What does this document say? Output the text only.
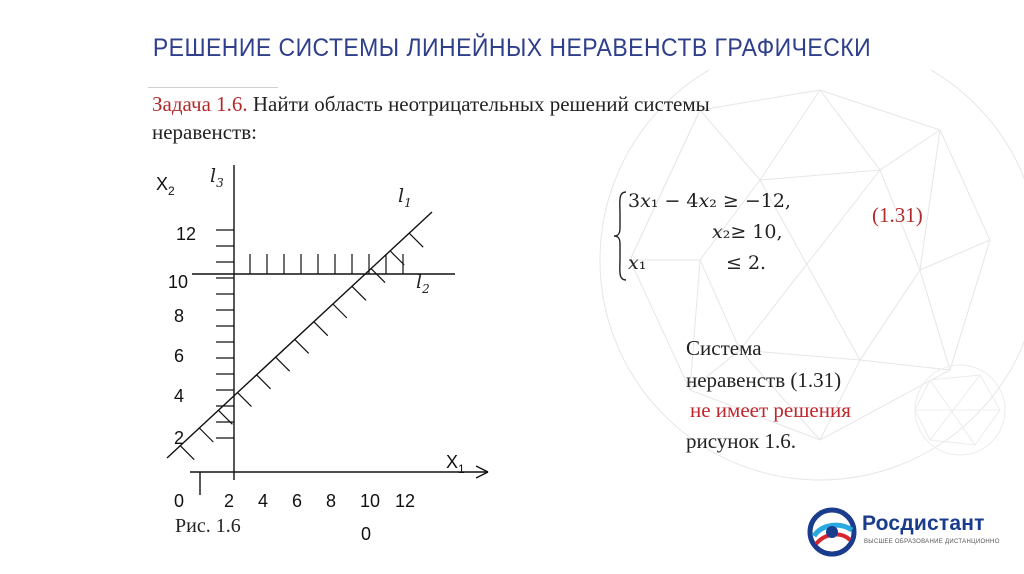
РЕШЕНИЕ СИСТЕМЫ ЛИНЕЙНЫХ НЕРАВЕНСТВ ГРАФИЧЕСКИ
Задача 1.6. Найти область неотрицательных решений системы
неравенств:
$X_2$
$X_1$
$l_3$
$l_1$
$l_2$
12
10
8
6
4
2
0 2 4 6 8 10 12
0
Рис. 1.6
3𝑥₁ − 4𝑥₂ ≥ −12,
𝑥₂≥ 10,
𝑥₁	≤ 2.
(1.31)
Система
неравенств (1.31)
не имеет решения
рисунок 1.6.
Росдистант
ВЫСШЕЕ ОБРАЗОВАНИЕ ДИСТАНЦИОННО
